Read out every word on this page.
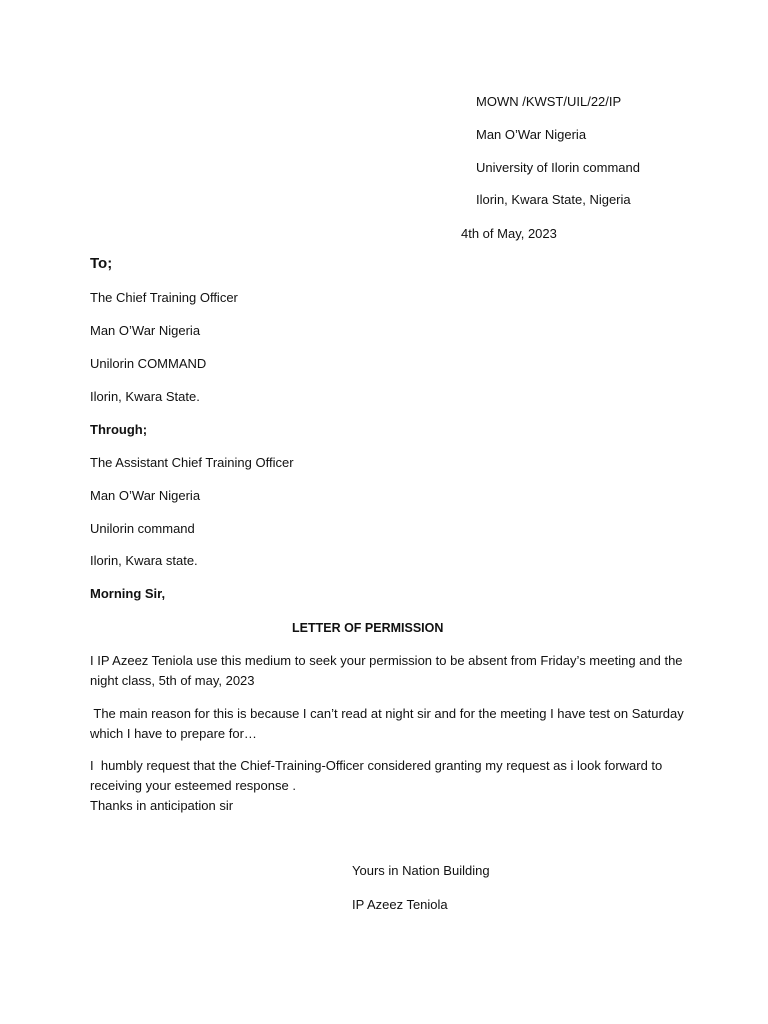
MOWN /KWST/UIL/22/IP
Man O’War Nigeria
University of Ilorin command
Ilorin, Kwara State, Nigeria
4th of May, 2023
To;
The Chief Training Officer
Man O’War Nigeria
Unilorin COMMAND
Ilorin, Kwara State.
Through;
The Assistant Chief Training Officer
Man O’War Nigeria
Unilorin command
Ilorin, Kwara state.
Morning Sir,
LETTER OF PERMISSION
I IP Azeez Teniola use this medium to seek your permission to be absent from Friday’s meeting and the
night class, 5th of may, 2023
The main reason for this is because I can’t read at night sir and for the meeting I have test on Saturday
which I have to prepare for…
I  humbly request that the Chief-Training-Officer considered granting my request as i look forward to
receiving your esteemed response .
Thanks in anticipation sir
Yours in Nation Building
IP Azeez Teniola
